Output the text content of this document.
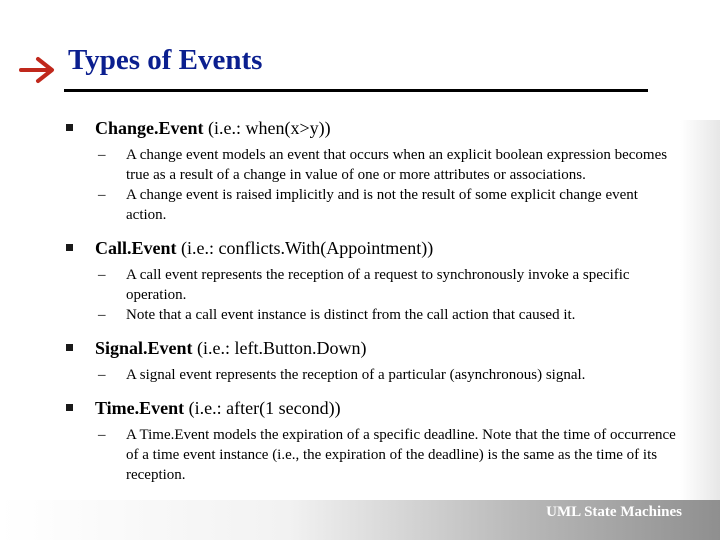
UML State Machines
Types of Events
Change.Event (i.e.: when(x>y))
– A change event models an event that occurs when an explicit boolean expression becomes true as a result of a change in value of one or more attributes or associations.
– A change event is raised implicitly and is not the result of some explicit change event action.
Call.Event (i.e.: conflicts.With(Appointment))
– A call event represents the reception of a request to synchronously invoke a specific operation.
– Note that a call event instance is distinct from the call action that caused it.
Signal.Event (i.e.: left.Button.Down)
– A signal event represents the reception of a particular (asynchronous) signal.
Time.Event (i.e.: after(1 second))
– A Time.Event models the expiration of a specific deadline. Note that the time of occurrence of a time event instance (i.e., the expiration of the deadline) is the same as the time of its reception.
